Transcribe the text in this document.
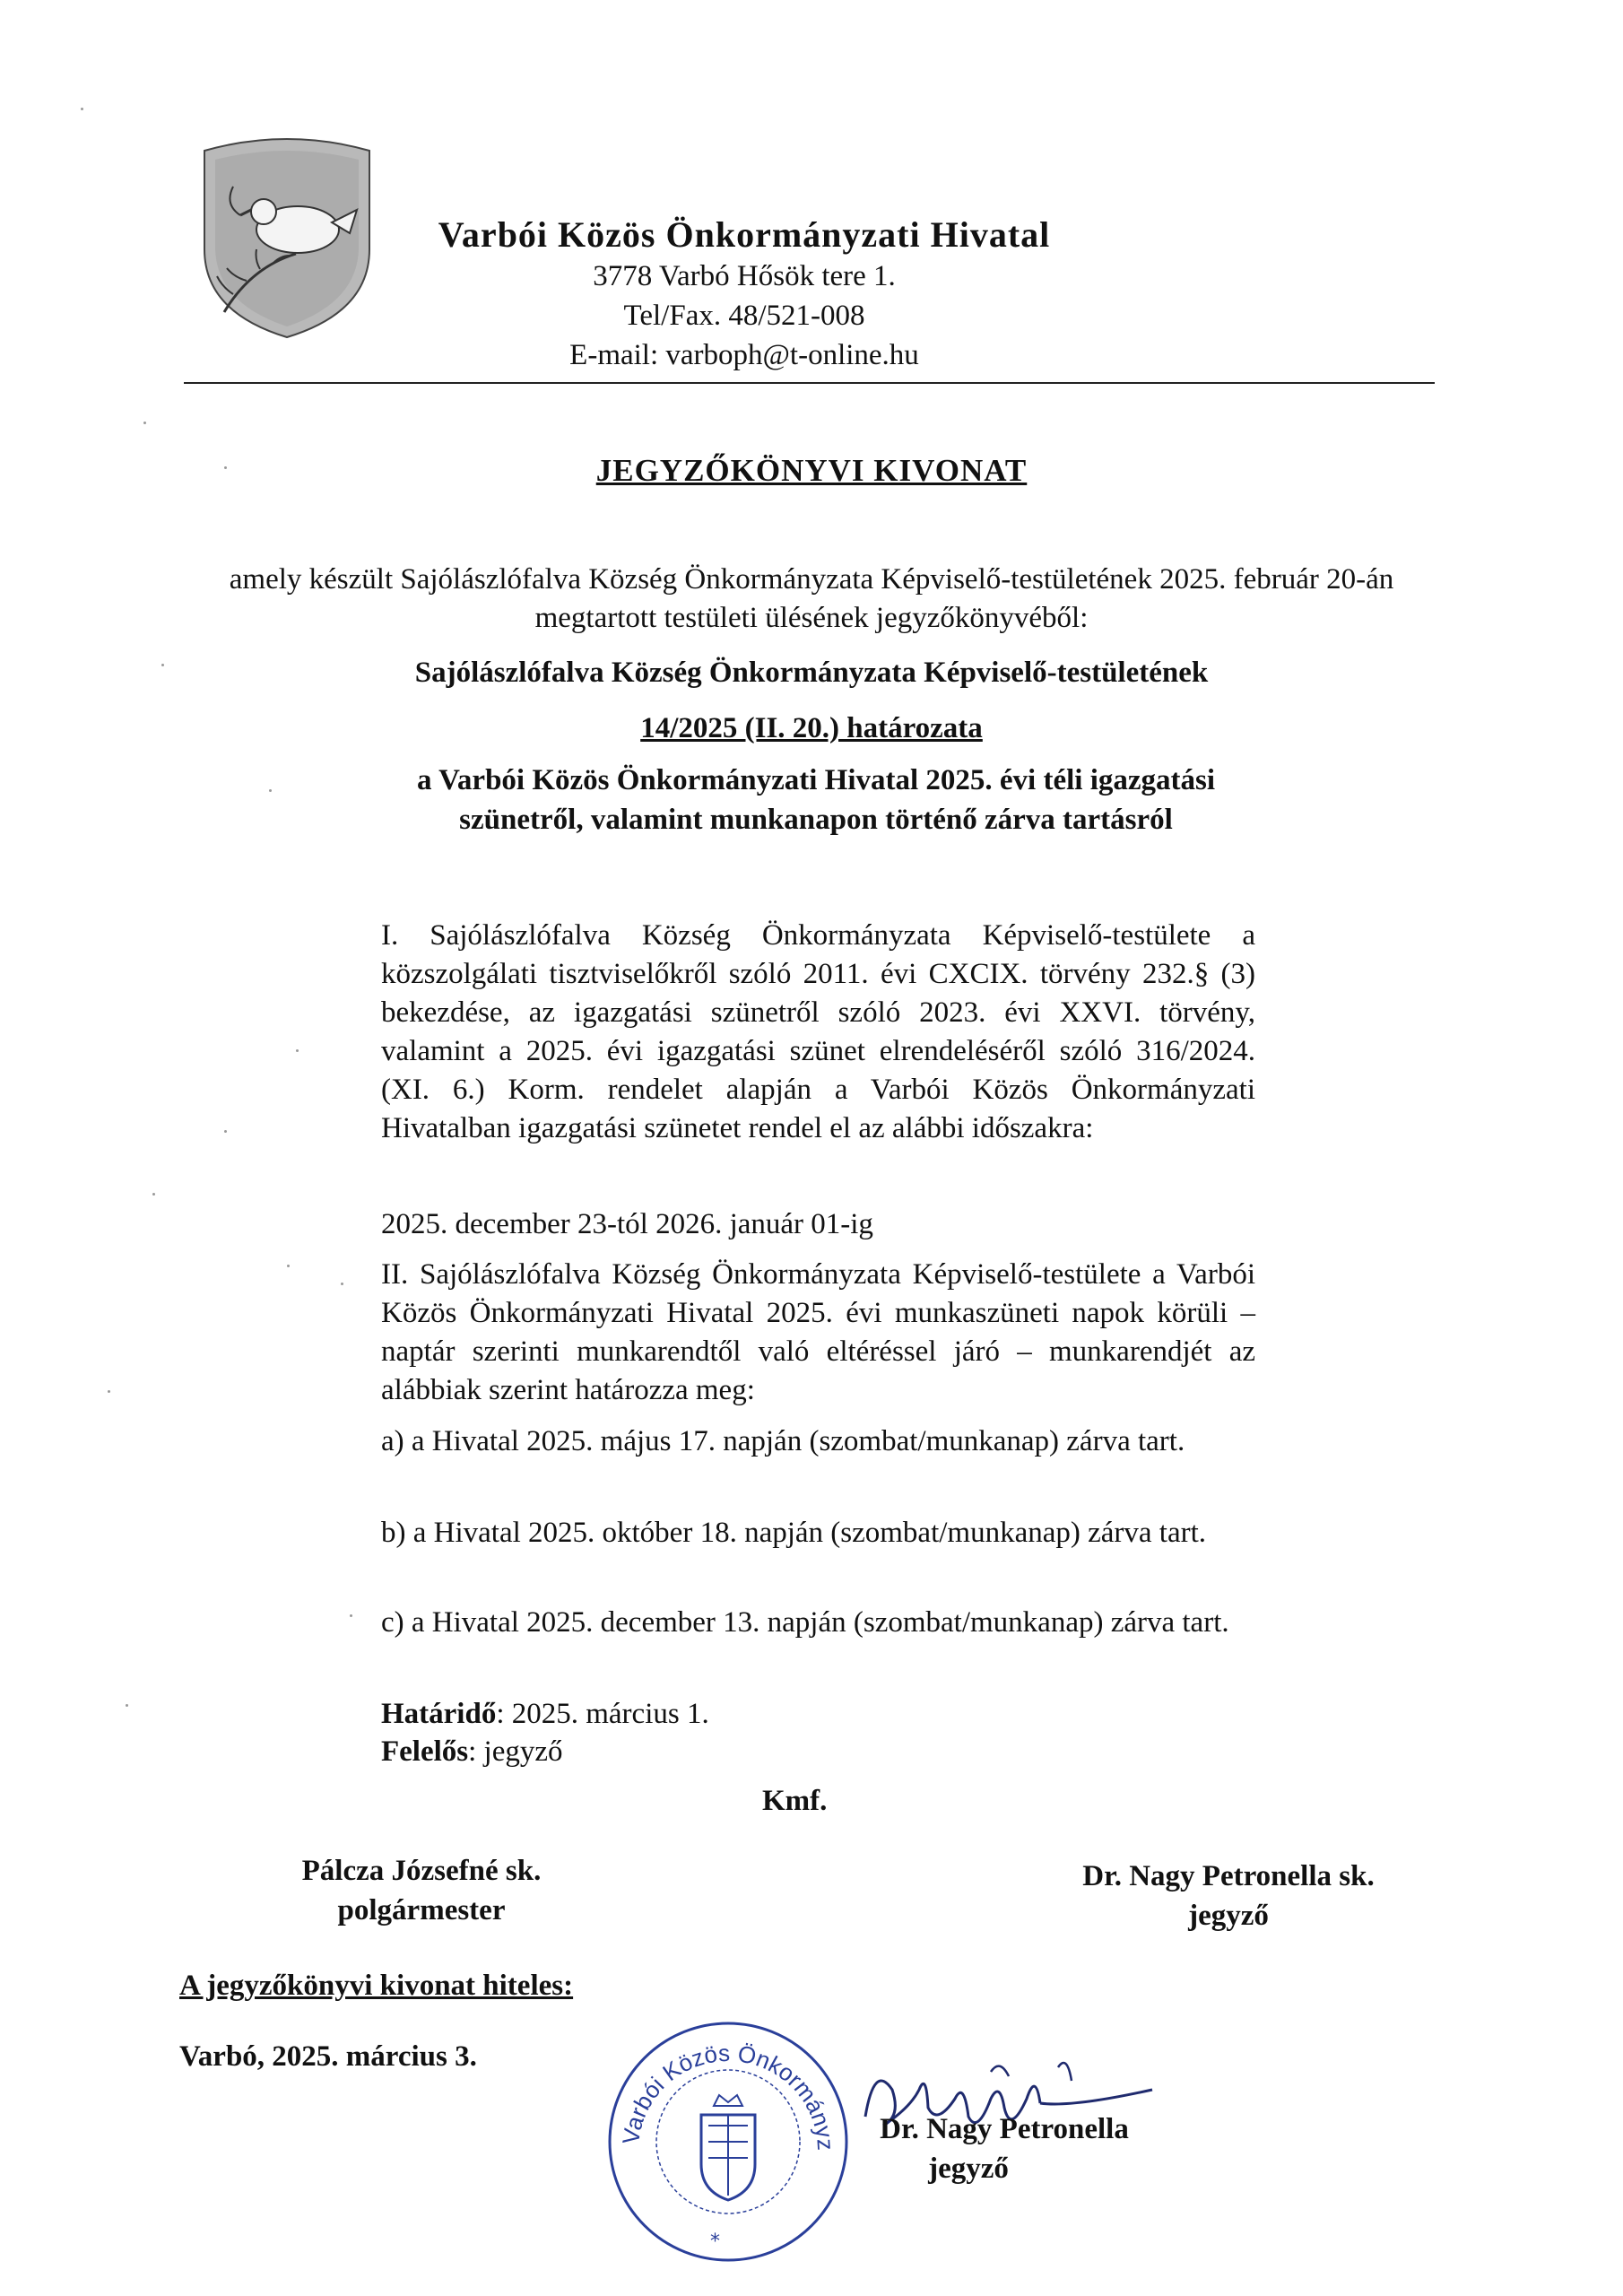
Varbói Közös Önkormányzati Hivatal
3778 Varbó Hősök tere 1.
Tel/Fax. 48/521-008
E-mail: varboph@t-online.hu
JEGYZŐKÖNYVI KIVONAT
amely készült Sajólászlófalva Község Önkormányzata Képviselő-testületének 2025. február 20-án megtartott testületi ülésének jegyzőkönyvéből:
Sajólászlófalva Község Önkormányzata Képviselő-testületének
14/2025 (II. 20.) határozata
a Varbói Közös Önkormányzati Hivatal 2025. évi téli igazgatási szünetről, valamint munkanapon történő zárva tartásról
I. Sajólászlófalva Község Önkormányzata Képviselő-testülete a közszolgálati tisztviselőkről szóló 2011. évi CXCIX. törvény 232.§ (3) bekezdése, az igazgatási szünetről szóló 2023. évi XXVI. törvény, valamint a 2025. évi igazgatási szünet elrendeléséről szóló 316/2024. (XI. 6.) Korm. rendelet alapján a Varbói Közös Önkormányzati Hivatalban igazgatási szünetet rendel el az alábbi időszakra:
2025. december 23-tól 2026. január 01-ig
II. Sajólászlófalva Község Önkormányzata Képviselő-testülete a Varbói Közös Önkormányzati Hivatal 2025. évi munkaszüneti napok körüli – naptár szerinti munkarendtől való eltéréssel járó – munkarendjét az alábbiak szerint határozza meg:
a) a Hivatal 2025. május 17. napján (szombat/munkanap) zárva tart.
b) a Hivatal 2025. október 18. napján (szombat/munkanap) zárva tart.
c) a Hivatal 2025. december 13. napján (szombat/munkanap) zárva tart.
Határidő: 2025. március 1.
Felelős: jegyző
Kmf.
Pálcza Józsefné sk.
polgármester
Dr. Nagy Petronella sk.
jegyző
A jegyzőkönyvi kivonat hiteles:
Varbó, 2025. március 3.
Varbói Közös Önkormányz
*
Dr. Nagy Petronella
jegyző
